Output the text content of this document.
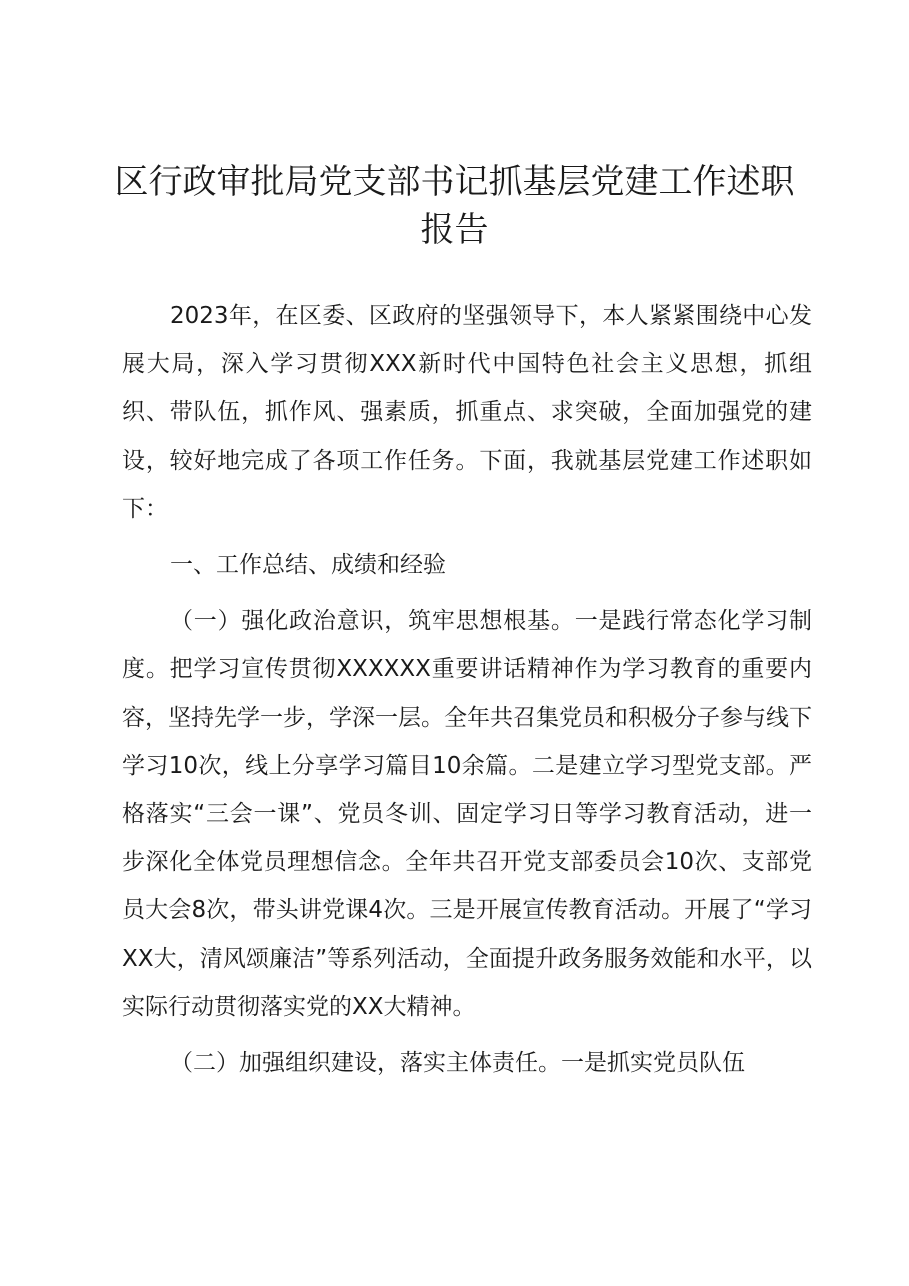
区行政审批局党支部书记抓基层党建工作述职
报告

2023年，在区委、区政府的坚强领导下，本人紧紧围绕中心发展大局，深入学习贯彻XXX新时代中国特色社会主义思想，抓组织、带队伍，抓作风、强素质，抓重点、求突破，全面加强党的建设，较好地完成了各项工作任务。下面，我就基层党建工作述职如下：

一、工作总结、成绩和经验

（一）强化政治意识，筑牢思想根基。一是践行常态化学习制度。把学习宣传贯彻XXXXXX重要讲话精神作为学习教育的重要内容，坚持先学一步，学深一层。全年共召集党员和积极分子参与线下学习10次，线上分享学习篇目10余篇。二是建立学习型党支部。严格落实“三会一课”、党员冬训、固定学习日等学习教育活动，进一步深化全体党员理想信念。全年共召开党支部委员会10次、支部党员大会8次，带头讲党课4次。三是开展宣传教育活动。开展了“学习XX大，清风颂廉洁”等系列活动，全面提升政务服务效能和水平，以实际行动贯彻落实党的XX大精神。

（二）加强组织建设，落实主体责任。一是抓实党员队伍
